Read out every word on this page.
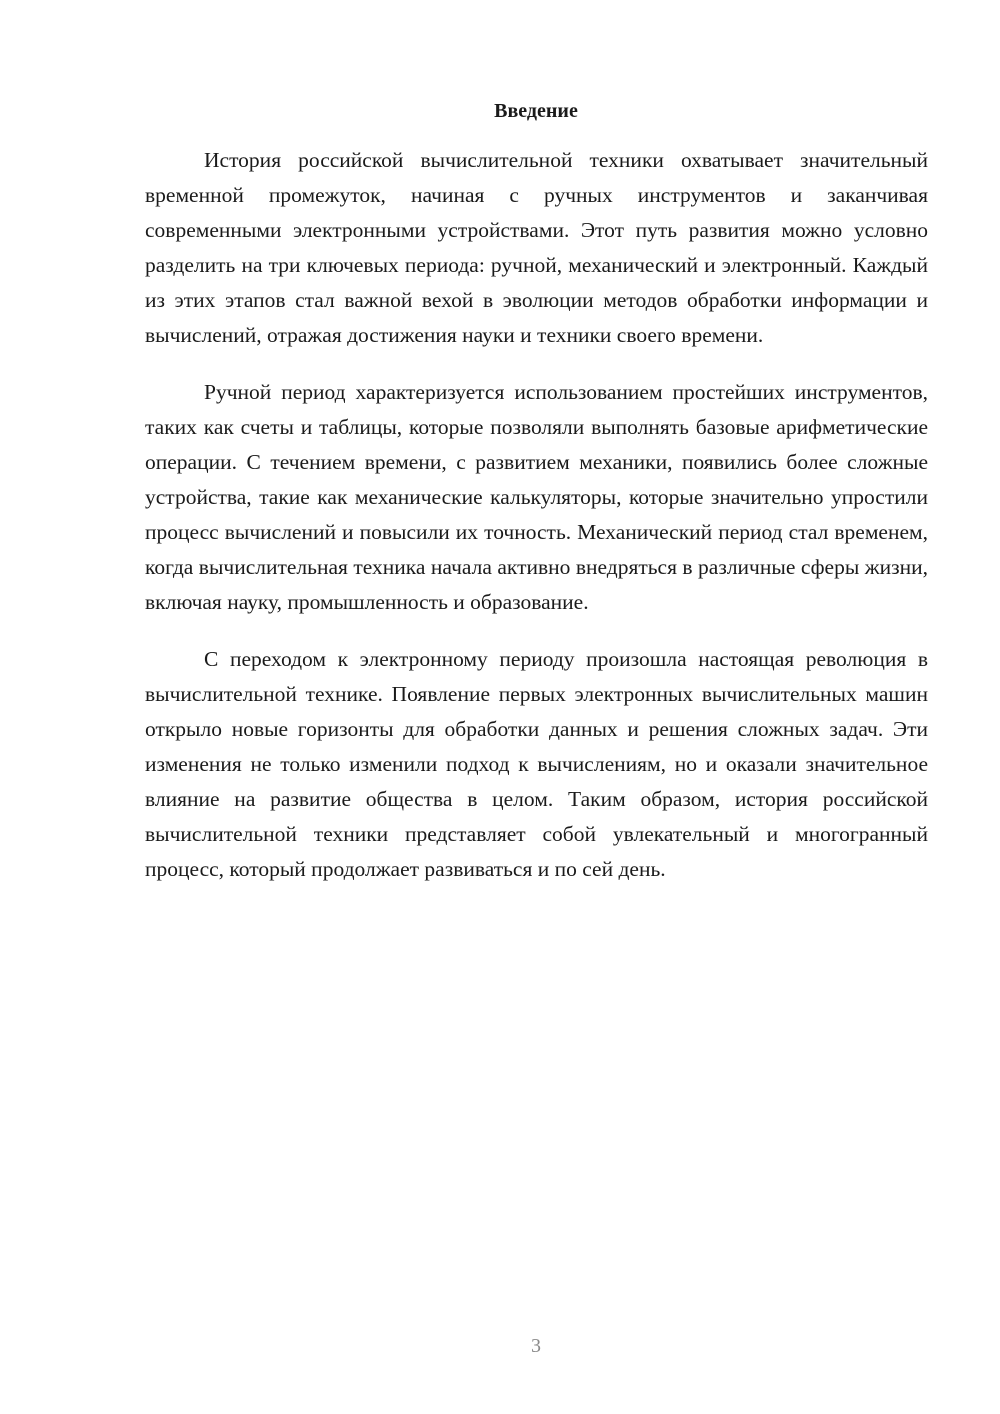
Введение

История российской вычислительной техники охватывает значительный временной промежуток, начиная с ручных инструментов и заканчивая современными электронными устройствами. Этот путь развития можно условно разделить на три ключевых периода: ручной, механический и электронный. Каждый из этих этапов стал важной вехой в эволюции методов обработки информации и вычислений, отражая достижения науки и техники своего времени.

Ручной период характеризуется использованием простейших инструментов, таких как счеты и таблицы, которые позволяли выполнять базовые арифметические операции. С течением времени, с развитием механики, появились более сложные устройства, такие как механические калькуляторы, которые значительно упростили процесс вычислений и повысили их точность. Механический период стал временем, когда вычислительная техника начала активно внедряться в различные сферы жизни, включая науку, промышленность и образование.

С переходом к электронному периоду произошла настоящая революция в вычислительной технике. Появление первых электронных вычислительных машин открыло новые горизонты для обработки данных и решения сложных задач. Эти изменения не только изменили подход к вычислениям, но и оказали значительное влияние на развитие общества в целом. Таким образом, история российской вычислительной техники представляет собой увлекательный и многогранный процесс, который продолжает развиваться и по сей день.

3
